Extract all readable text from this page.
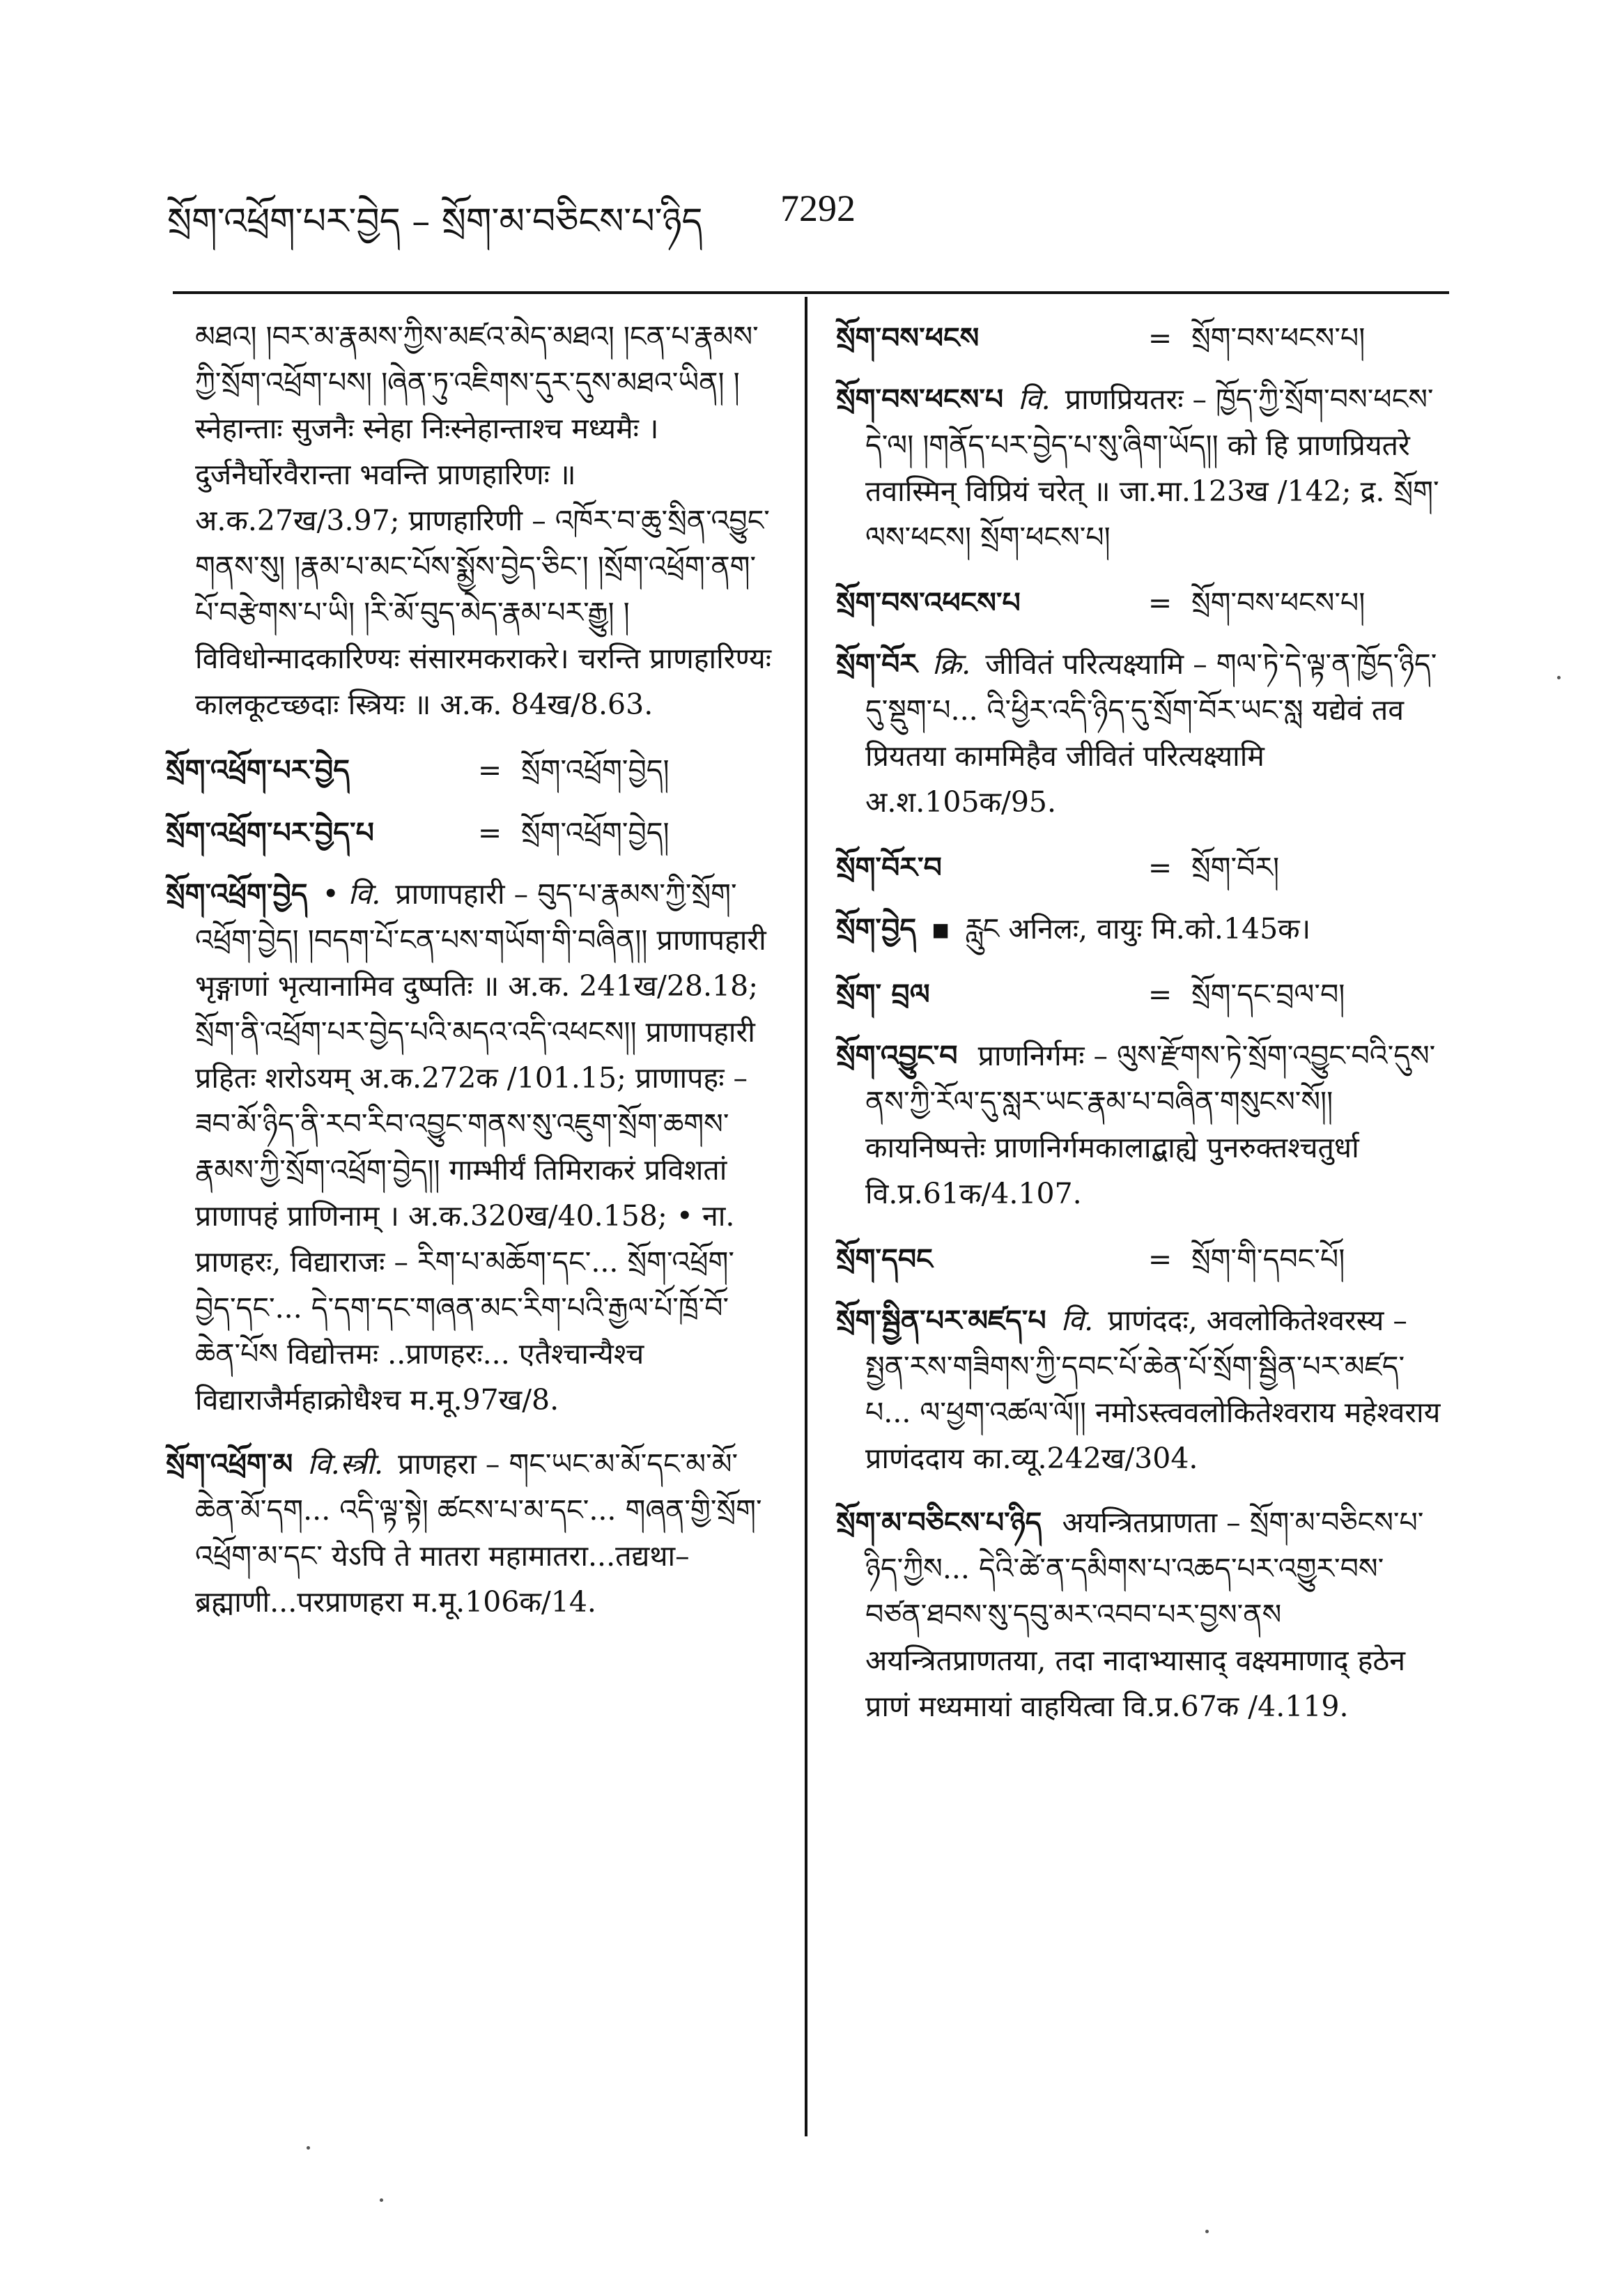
སྲོག་འཕྲོག་པར་བྱེད – སྲོག་མ་བཅིངས་པ་ཉིད 7292

མཐའ། །བར་མ་རྣམས་ཀྱིས་མཛའ་མེད་མཐའ། །ངན་པ་རྣམས་ཀྱི་སྲོག་འཕྲོག་པས། །ཞེན་ཏུ་འཇིགས་དུར་དུས་མཐའ་ཡིན། ། स्नेहान्ताः सुजनैः स्नेहा निःस्नेहान्ताश्च मध्यमैः । दुर्जनैर्घोरवैरान्ता भवन्ति प्राणहारिणः ॥ अ.क.27ख/3.97; प्राणहारिणी – འཁོར་བ་ཆུ་སྲིན་འབྱུང་གནས་སུ། །རྣམ་པ་མང་པོས་སྨྱོས་བྱེད་ཅིང་། །སྲོག་འཕྲོག་ནག་པོ་བརྩེགས་པ་ཡི། །རི་མོ་བུད་མེད་རྣམ་པར་རྒྱུ། ། विविधोन्मादकारिण्यः संसारमकराकरे। चरन्ति प्राणहारिण्यः कालकूटच्छदाः स्त्रियः ॥ अ.क. 84ख/8.63.

སྲོག་འཕྲོག་པར་བྱེད	= སྲོག་འཕྲོག་བྱེད།
སྲོག་འཕྲོག་པར་བྱེད་པ	= སྲོག་འཕྲོག་བྱེད།

སྲོག་འཕྲོག་བྱེད • वि. प्राणापहारी – བུད་པ་རྣམས་ཀྱི་སྲོག་འཕྲོག་བྱེད། །བདག་པོ་ངན་པས་གཡོག་གི་བཞིན།། प्राणापहारी भृङ्गाणां भृत्यानामिव दुष्पतिः ॥ अ.क. 241ख/28.18; སྲོག་ནི་འཕྲོག་པར་བྱེད་པའི་མདའ་འདི་འཕངས།། प्राणापहारी प्रहितः शरोऽयम् अ.क.272क /101.15; प्राणापहः – ཟབ་མོ་ཉིད་ནི་རབ་རིབ་འབྱུང་གནས་སུ་འཇུག་སྲོག་ཆགས་རྣམས་ཀྱི་སྲོག་འཕྲོག་བྱེད།། गाम्भीर्यं तिमिराकरं प्रविशतां प्राणापहं प्राणिनाम् । अ.क.320ख/40.158; • ना. प्राणहरः, विद्याराजः – རིག་པ་མཆོག་དང་... སྲོག་འཕྲོག་བྱེད་དང་... དེ་དག་དང་གཞན་མང་རིག་པའི་རྒྱལ་པོ་ཁྲོ་བོ་ཆེན་པོས विद्योत्तमः ..प्राणहरः... एतैश्चान्यैश्च विद्याराजैर्महाक्रोधैश्च म.मू.97ख/8.

སྲོག་འཕྲོག་མ वि.स्त्री. प्राणहरा – གང་ཡང་མ་མོ་དང་མ་མོ་ཆེན་མོ་དག... འདི་ལྟ་སྟེ། ཚངས་པ་མ་དང་... གཞན་གྱི་སྲོག་འཕྲོག་མ་དང་ येऽपि ते मातरा महामातरा...तद्यथा–ब्रह्माणी...परप्राणहरा म.मू.106क/14.

སྲོག་བས་ཕངས	= སྲོག་བས་ཕངས་པ།

སྲོག་བས་ཕངས་པ वि. प्राणप्रियतरः – ཁྱོད་ཀྱི་སྲོག་བས་ཕངས་དེ་ལ། །གནོད་པར་བྱེད་པ་སུ་ཞིག་ཡོད།། को हि प्राणप्रियतरे तवास्मिन् विप्रियं चरेत् ॥ जा.मा.123ख /142; द्र. སྲོག་ལས་ཕངས། སྲོག་ཕངས་པ།

སྲོག་བས་འཕངས་པ	= སྲོག་བས་ཕངས་པ།

སྲོག་བོར क्रि. जीवितं परित्यक्ष्यामि – གལ་ཏེ་དེ་ལྟ་ན་ཁྱོད་ཉིད་དུ་སྡུག་པ... འི་ཕྱིར་འདི་ཉིད་དུ་སྲོག་བོར་ཡང་སླ यद्येवं तव प्रियतया काममिहैव जीवितं परित्यक्ष्यामि अ.श.105क/95.

སྲོག་བོར་བ	= སྲོག་བོར།

སྲོག་བྱེད ▪ རླུང अनिलः, वायुः मि.को.145क।

སྲོག་ བྲལ	= སྲོག་དང་བྲལ་བ།

སྲོག་འབྱུང་བ प्राणनिर्गमः – ལུས་རྫོགས་ཏེ་སྲོག་འབྱུང་བའི་དུས་ནས་ཀྱི་རོལ་དུ་སླར་ཡང་རྣམ་པ་བཞིན་གསུངས་སོ།། कायनिष्पत्तेः प्राणनिर्गमकालाद्बाह्ये पुनरुक्तश्चतुर्धा वि.प्र.61क/4.107.

སྲོག་དབང	= སྲོག་གི་དབང་པོ།

སྲོག་སྦྱིན་པར་མཛད་པ वि. प्राणंददः, अवलोकितेश्वरस्य – སྤྱན་རས་གཟིགས་ཀྱི་དབང་པོ་ཆེན་པོ་སྲོག་སྦྱིན་པར་མཛད་པ... ལ་ཕྱག་འཚལ་ལོ།། नमोऽस्त्ववलोकितेश्वराय महेश्वराय प्राणंददाय का.व्यू.242ख/304.

སྲོག་མ་བཅིངས་པ་ཉིད अयन्त्रितप्राणता – སྲོག་མ་བཅིངས་པ་ཉིད་ཀྱིས... དེའི་ཚེ་ན་དམིགས་པ་འཆད་པར་འགྱུར་བས་བཙན་ཐབས་སུ་དབུ་མར་འབབ་པར་བྱས་ནས अयन्त्रितप्राणतया, तदा नादाभ्यासाद् वक्ष्यमाणाद् हठेन प्राणं मध्यमायां वाहयित्वा वि.प्र.67क /4.119.
